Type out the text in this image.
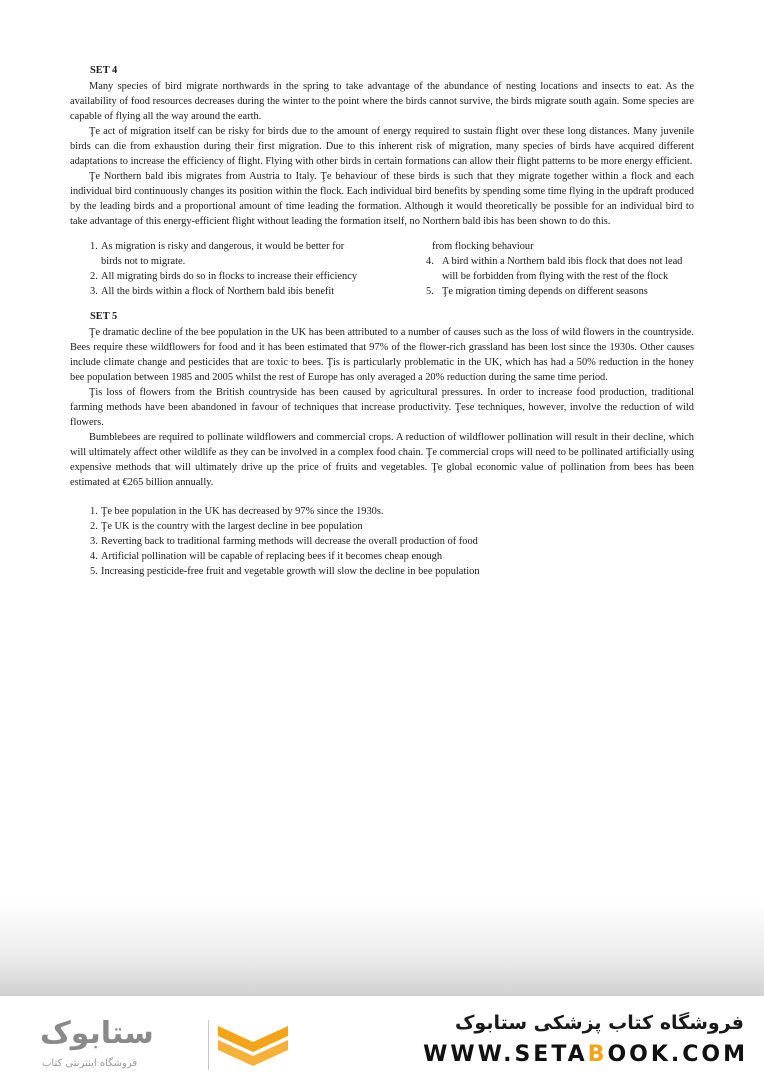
SET 4

Many species of bird migrate northwards in the spring to take advantage of the abundance of nesting locations and insects to eat. As the availability of food resources decreases during the winter to the point where the birds cannot survive, the birds migrate south again. Some species are capable of flying all the way around the earth.

Ţe act of migration itself can be risky for birds due to the amount of energy required to sustain flight over these long distances. Many juvenile birds can die from exhaustion during their first migration. Due to this inherent risk of migration, many species of birds have acquired different adaptations to increase the efficiency of flight. Flying with other birds in certain formations can allow their flight patterns to be more energy efficient.

Ţe Northern bald ibis migrates from Austria to Italy. Ţe behaviour of these birds is such that they migrate together within a flock and each individual bird continuously changes its position within the flock. Each individual bird benefits by spending some time flying in the updraft produced by the leading birds and a proportional amount of time leading the formation. Although it would theoretically be possible for an individual bird to take advantage of this energy-efficient flight without leading the formation itself, no Northern bald ibis has been shown to do this.

1. As migration is risky and dangerous, it would be better for birds not to migrate.
2. All migrating birds do so in flocks to increase their efficiency
3. All the birds within a flock of Northern bald ibis benefit
from flocking behaviour
4. A bird within a Northern bald ibis flock that does not lead will be forbidden from flying with the rest of the flock
5. Ţe migration timing depends on different seasons
SET 5

Ţe dramatic decline of the bee population in the UK has been attributed to a number of causes such as the loss of wild flowers in the countryside. Bees require these wildflowers for food and it has been estimated that 97% of the flower-rich grassland has been lost since the 1930s. Other causes include climate change and pesticides that are toxic to bees. Ţis is particularly problematic in the UK, which has had a 50% reduction in the honey bee population between 1985 and 2005 whilst the rest of Europe has only averaged a 20% reduction during the same time period.

Ţis loss of flowers from the British countryside has been caused by agricultural pressures. In order to increase food production, traditional farming methods have been abandoned in favour of techniques that increase productivity. Ţese techniques, however, involve the reduction of wild flowers.

Bumblebees are required to pollinate wildflowers and commercial crops. A reduction of wildflower pollination will result in their decline, which will ultimately affect other wildlife as they can be involved in a complex food chain. Ţe commercial crops will need to be pollinated artificially using expensive methods that will ultimately drive up the price of fruits and vegetables. Ţe global economic value of pollination from bees has been estimated at €265 billion annually.

1. Ţe bee population in the UK has decreased by 97% since the 1930s.
2. Ţe UK is the country with the largest decline in bee population
3. Reverting back to traditional farming methods will decrease the overall production of food
4. Artificial pollination will be capable of replacing bees if it becomes cheap enough
5. Increasing pesticide-free fruit and vegetable growth will slow the decline in bee population
ستابوک
فروشگاه اینترنتی کتاب
فروشگاه کتاب پزشکی ستابوک
WWW.SETABOOK.COM
